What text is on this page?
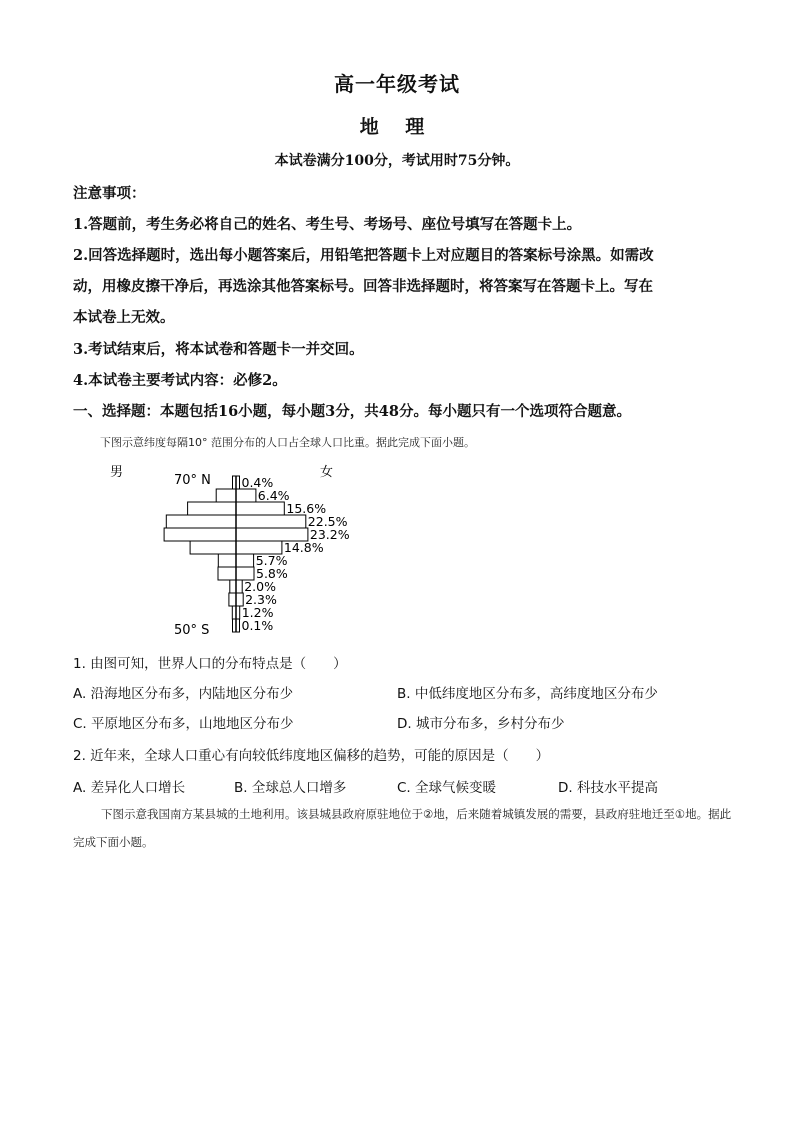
高一年级考试
地 理
本试卷满分100分，考试用时75分钟。
注意事项：
1.答题前，考生务必将自己的姓名、考生号、考场号、座位号填写在答题卡上。
2.回答选择题时，选出每小题答案后，用铅笔把答题卡上对应题目的答案标号涂黑。如需改
动，用橡皮擦干净后，再选涂其他答案标号。回答非选择题时，将答案写在答题卡上。写在
本试卷上无效。
3.考试结束后，将本试卷和答题卡一并交回。
4.本试卷主要考试内容：必修2。
一、选择题：本题包括16小题，每小题3分，共48分。每小题只有一个选项符合题意。
下图示意纬度每隔10° 范围分布的人口占全球人口比重。据此完成下面小题。
男	女
70° N
50° S
0.4%
6.4%
15.6%
22.5%
23.2%
14.8%
5.7%
5.8%
2.0%
2.3%
1.2%
0.1%
1. 由图可知，世界人口的分布特点是（　　）
A. 沿海地区分布多，内陆地区分布少	B. 中低纬度地区分布多，高纬度地区分布少
C. 平原地区分布多，山地地区分布少	D. 城市分布多，乡村分布少
2. 近年来，全球人口重心有向较低纬度地区偏移的趋势，可能的原因是（　　）
A. 差异化人口增长	B. 全球总人口增多	C. 全球气候变暖	D. 科技水平提高
下图示意我国南方某县城的土地利用。该县城县政府原驻地位于②地，后来随着城镇发展的需要，县政府驻地迁至①地。据此完成下面小题。
